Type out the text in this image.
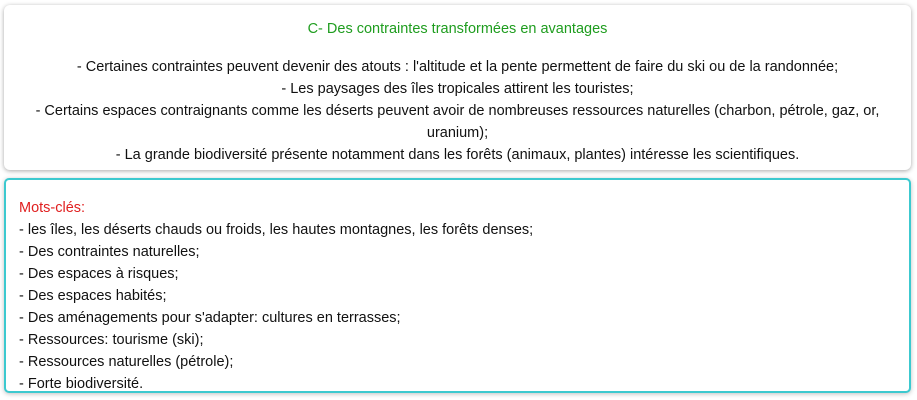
C- Des contraintes transformées en avantages
- Certaines contraintes peuvent devenir des atouts : l'altitude et la pente permettent de faire du ski ou de la randonnée;
- Les paysages des îles tropicales attirent les touristes;
- Certains espaces contraignants comme les déserts peuvent avoir de nombreuses ressources naturelles (charbon, pétrole, gaz, or,
uranium);
- La grande biodiversité présente notamment dans les forêts (animaux, plantes) intéresse les scientifiques.
Mots-clés:
- les îles, les déserts chauds ou froids, les hautes montagnes, les forêts denses;
- Des contraintes naturelles;
- Des espaces à risques;
- Des espaces habités;
- Des aménagements pour s'adapter: cultures en terrasses;
- Ressources: tourisme (ski);
- Ressources naturelles (pétrole);
- Forte biodiversité.
